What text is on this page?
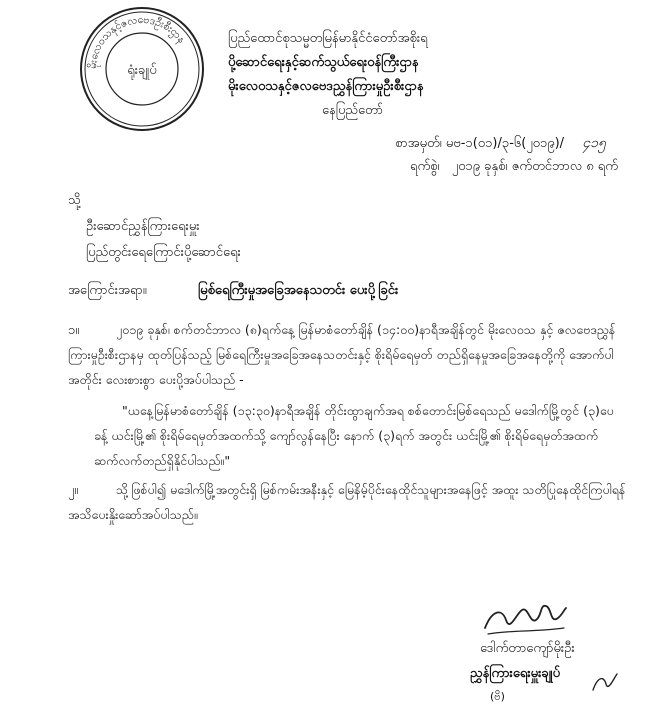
မိုးလေဝသနှင့်ဇလဗေဒဦးစီးဌာန
ရုံးချုပ်
ပြည်ထောင်စုသမ္မတမြန်မာနိုင်ငံတော်အစိုးရ
ပို့ဆောင်ရေးနှင့်ဆက်သွယ်ရေးဝန်ကြီးဌာန
မိုးလေဝသနှင့်ဇလဗေဒညွှန်ကြားမှုဦးစီးဌာန
နေပြည်တော်
စာအမှတ်၊ မဗ-၁(၀၁)/၃-၆(၂၀၁၉)/ ၄၁၅
ရက်စွဲ၊ ၂၀၁၉ ခုနှစ်၊ ဇက်တင်ဘာလ ၈ ရက်
သို့
ဦးဆောင်ညွှန်ကြားရေးမှူး
ပြည်တွင်းရေကြောင်းပို့ဆောင်ရေး
အကြောင်းအရာ။	မြစ်ရေကြီးမှုအခြေအနေသတင်း ပေးပို့ခြင်း
၁။	၂၀၁၉ ခုနှစ်၊ စက်တင်ဘာလ (၈)ရက်နေ့ မြန်မာစံတော်ချိန် (၁၄:၀၀)နာရီအချိန်တွင် မိုးလေဝသ နှင့် ဇလဗေဒညွှန်ကြားမှုဦးစီးဌာနမှ ထုတ်ပြန်သည့် မြစ်ရေကြီးမှုအခြေအနေသတင်းနှင့် စိုးရိမ်ရေမှတ် တည်ရှိနေမှုအခြေအနေတို့ကို အောက်ပါအတိုင်း လေးစားစွာ ပေးပို့အပ်ပါသည် -
"ယနေ့မြန်မာစံတော်ချိန် (၁၃:၃၀)နာရီအချိန် တိုင်းထွာချက်အရ စစ်တောင်းမြစ်ရေသည် မဒေါက်မြို့တွင် (၃)ပေခန့် ယင်းမြို့၏ စိုးရိမ်ရေမှတ်အထက်သို့ ကျော်လွန်နေပြီး နောက် (၃)ရက် အတွင်း ယင်းမြို့၏ စိုးရိမ်ရေမှတ်အထက် ဆက်လက်တည်ရှိနိုင်ပါသည်။"
၂။	သို့ဖြစ်ပါ၍ မဒေါက်မြို့အတွင်းရှိ မြစ်ကမ်းအနီးနှင့် မြေနိမ့်ပိုင်းနေထိုင်သူများအနေဖြင့် အထူး သတိပြုနေထိုင်ကြပါရန် အသိပေးနှိုးဆော်အပ်ပါသည်။
ဒေါက်တာကျော်မိုးဦး
ညွှန်ကြားရေးမှူးချုပ်
(ဗိ)
